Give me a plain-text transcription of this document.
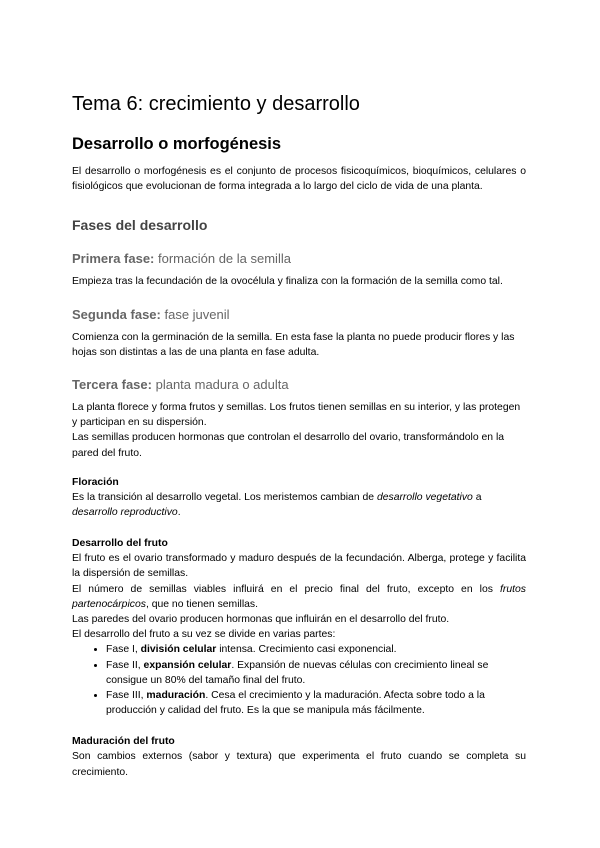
Tema 6: crecimiento y desarrollo
Desarrollo o morfogénesis

El desarrollo o morfogénesis es el conjunto de procesos fisicoquímicos, bioquímicos, celulares o fisiológicos que evolucionan de forma integrada a lo largo del ciclo de vida de una planta.

Fases del desarrollo
Primera fase: formación de la semilla

Empieza tras la fecundación de la ovocélula y finaliza con la formación de la semilla como tal.

Segunda fase: fase juvenil

Comienza con la germinación de la semilla. En esta fase la planta no puede producir flores y las hojas son distintas a las de una planta en fase adulta.

Tercera fase: planta madura o adulta

La planta florece y forma frutos y semillas. Los frutos tienen semillas en su interior, y las protegen y participan en su dispersión.

Las semillas producen hormonas que controlan el desarrollo del ovario, transformándolo en la pared del fruto.

Floración

Es la transición al desarrollo vegetal. Los meristemos cambian de desarrollo vegetativo a desarrollo reproductivo.

Desarrollo del fruto

El fruto es el ovario transformado y maduro después de la fecundación. Alberga, protege y facilita la dispersión de semillas.

El número de semillas viables influirá en el precio final del fruto, excepto en los frutos partenocárpicos, que no tienen semillas.

Las paredes del ovario producen hormonas que influirán en el desarrollo del fruto.

El desarrollo del fruto a su vez se divide en varias partes:

• Fase I, división celular intensa. Crecimiento casi exponencial.
• Fase II, expansión celular. Expansión de nuevas células con crecimiento lineal se consigue un 80% del tamaño final del fruto.
• Fase III, maduración. Cesa el crecimiento y la maduración. Afecta sobre todo a la producción y calidad del fruto. Es la que se manipula más fácilmente.
Maduración del fruto

Son cambios externos (sabor y textura) que experimenta el fruto cuando se completa su crecimiento.
